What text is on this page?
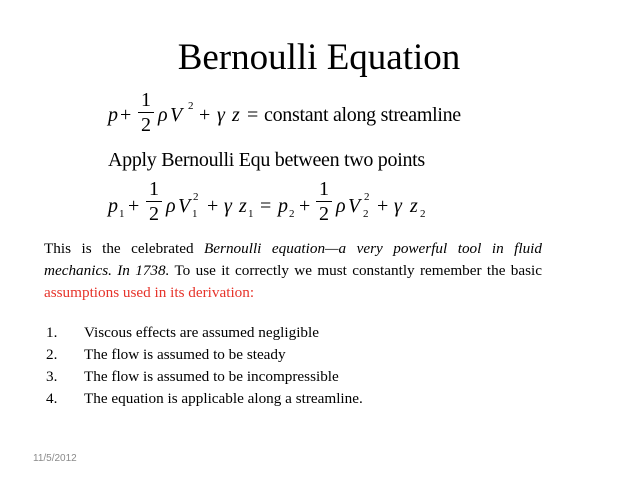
Bernoulli Equation
p +
1
2 ρ V 2 + γ z = constant along streamline
Apply Bernoulli Equ between two points
p 1 +
1
2 ρ V 2
1 + γ z 1 = p 2 +
1
2 ρ V 2
2 + γ z 2

This is the celebrated Bernoulli equation—a very powerful tool in fluid mechanics. In 1738. To use it correctly we must constantly remember the basic assumptions used in its derivation:

1.	Viscous effects are assumed negligible
2.	The flow is assumed to be steady
3.	The flow is assumed to be incompressible
4.	The equation is applicable along a streamline.
11/5/2012
